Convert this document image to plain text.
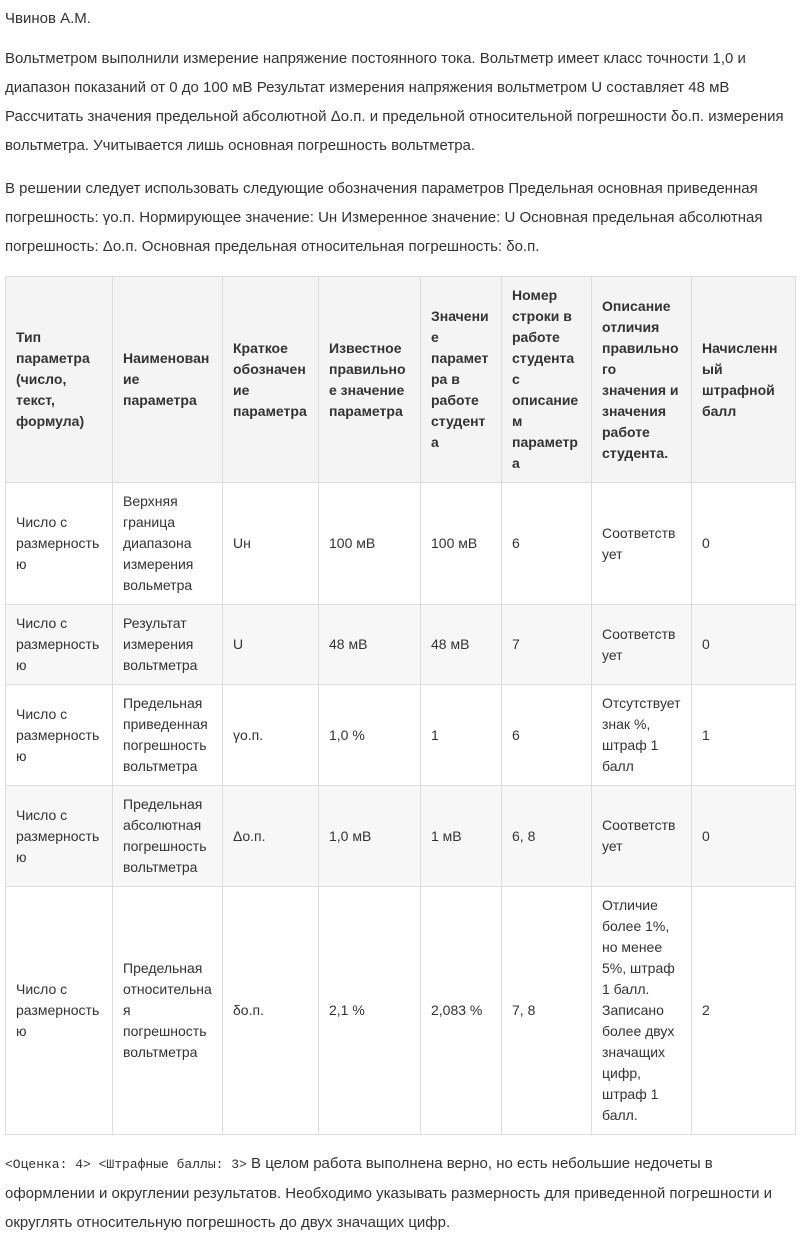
Чвинов А.М.

Вольтметром выполнили измерение напряжение постоянного тока. Вольтметр имеет класс точности 1,0 и диапазон показаний от 0 до 100 мВ Результат измерения напряжения вольтметром U составляет 48 мВ Рассчитать значения предельной абсолютной Δо.п. и предельной относительной погрешности δо.п. измерения вольтметра. Учитывается лишь основная погрешность вольтметра.

В решении следует использовать следующие обозначения параметров Предельная основная приведенная погрешность: γо.п. Нормирующее значение: Uн Измеренное значение: U Основная предельная абсолютная погрешность: Δо.п. Основная предельная относительная погрешность: δо.п.

Тип параметра (число, текст, формула)	Наименование параметра	Краткое обозначение параметра	Известное правильное значение параметра	Значение параметра в работе студента	Номер строки в работе студента с описанием параметра	Описание отличия правильного значения и значения работе студента.	Начисленный штрафной балл
Число с размерностью	Верхняя граница диапазона измерения вольметра	Uн	100 мВ	100 мВ	6	Соответствует	0
Число с размерностью	Результат измерения вольтметра	U	48 мВ	48 мВ	7	Соответствует	0
Число с размерностью	Предельная приведенная погрешность вольтметра	γо.п.	1,0 %	1	6	Отсутствует знак %, штраф 1 балл	1
Число с размерностью	Предельная абсолютная погрешность вольтметра	Δо.п.	1,0 мВ	1 мВ	6, 8	Соответствует	0
Число с размерностью	Предельная относительная погрешность вольтметра	δо.п.	2,1 %	2,083 %	7, 8	Отличие более 1%, но менее 5%, штраф 1 балл. Записано более двух значащих цифр, штраф 1 балл.	2

<Оценка: 4> <Штрафные баллы: 3> В целом работа выполнена верно, но есть небольшие недочеты в оформлении и округлении результатов. Необходимо указывать размерность для приведенной погрешности и округлять относительную погрешность до двух значащих цифр.
